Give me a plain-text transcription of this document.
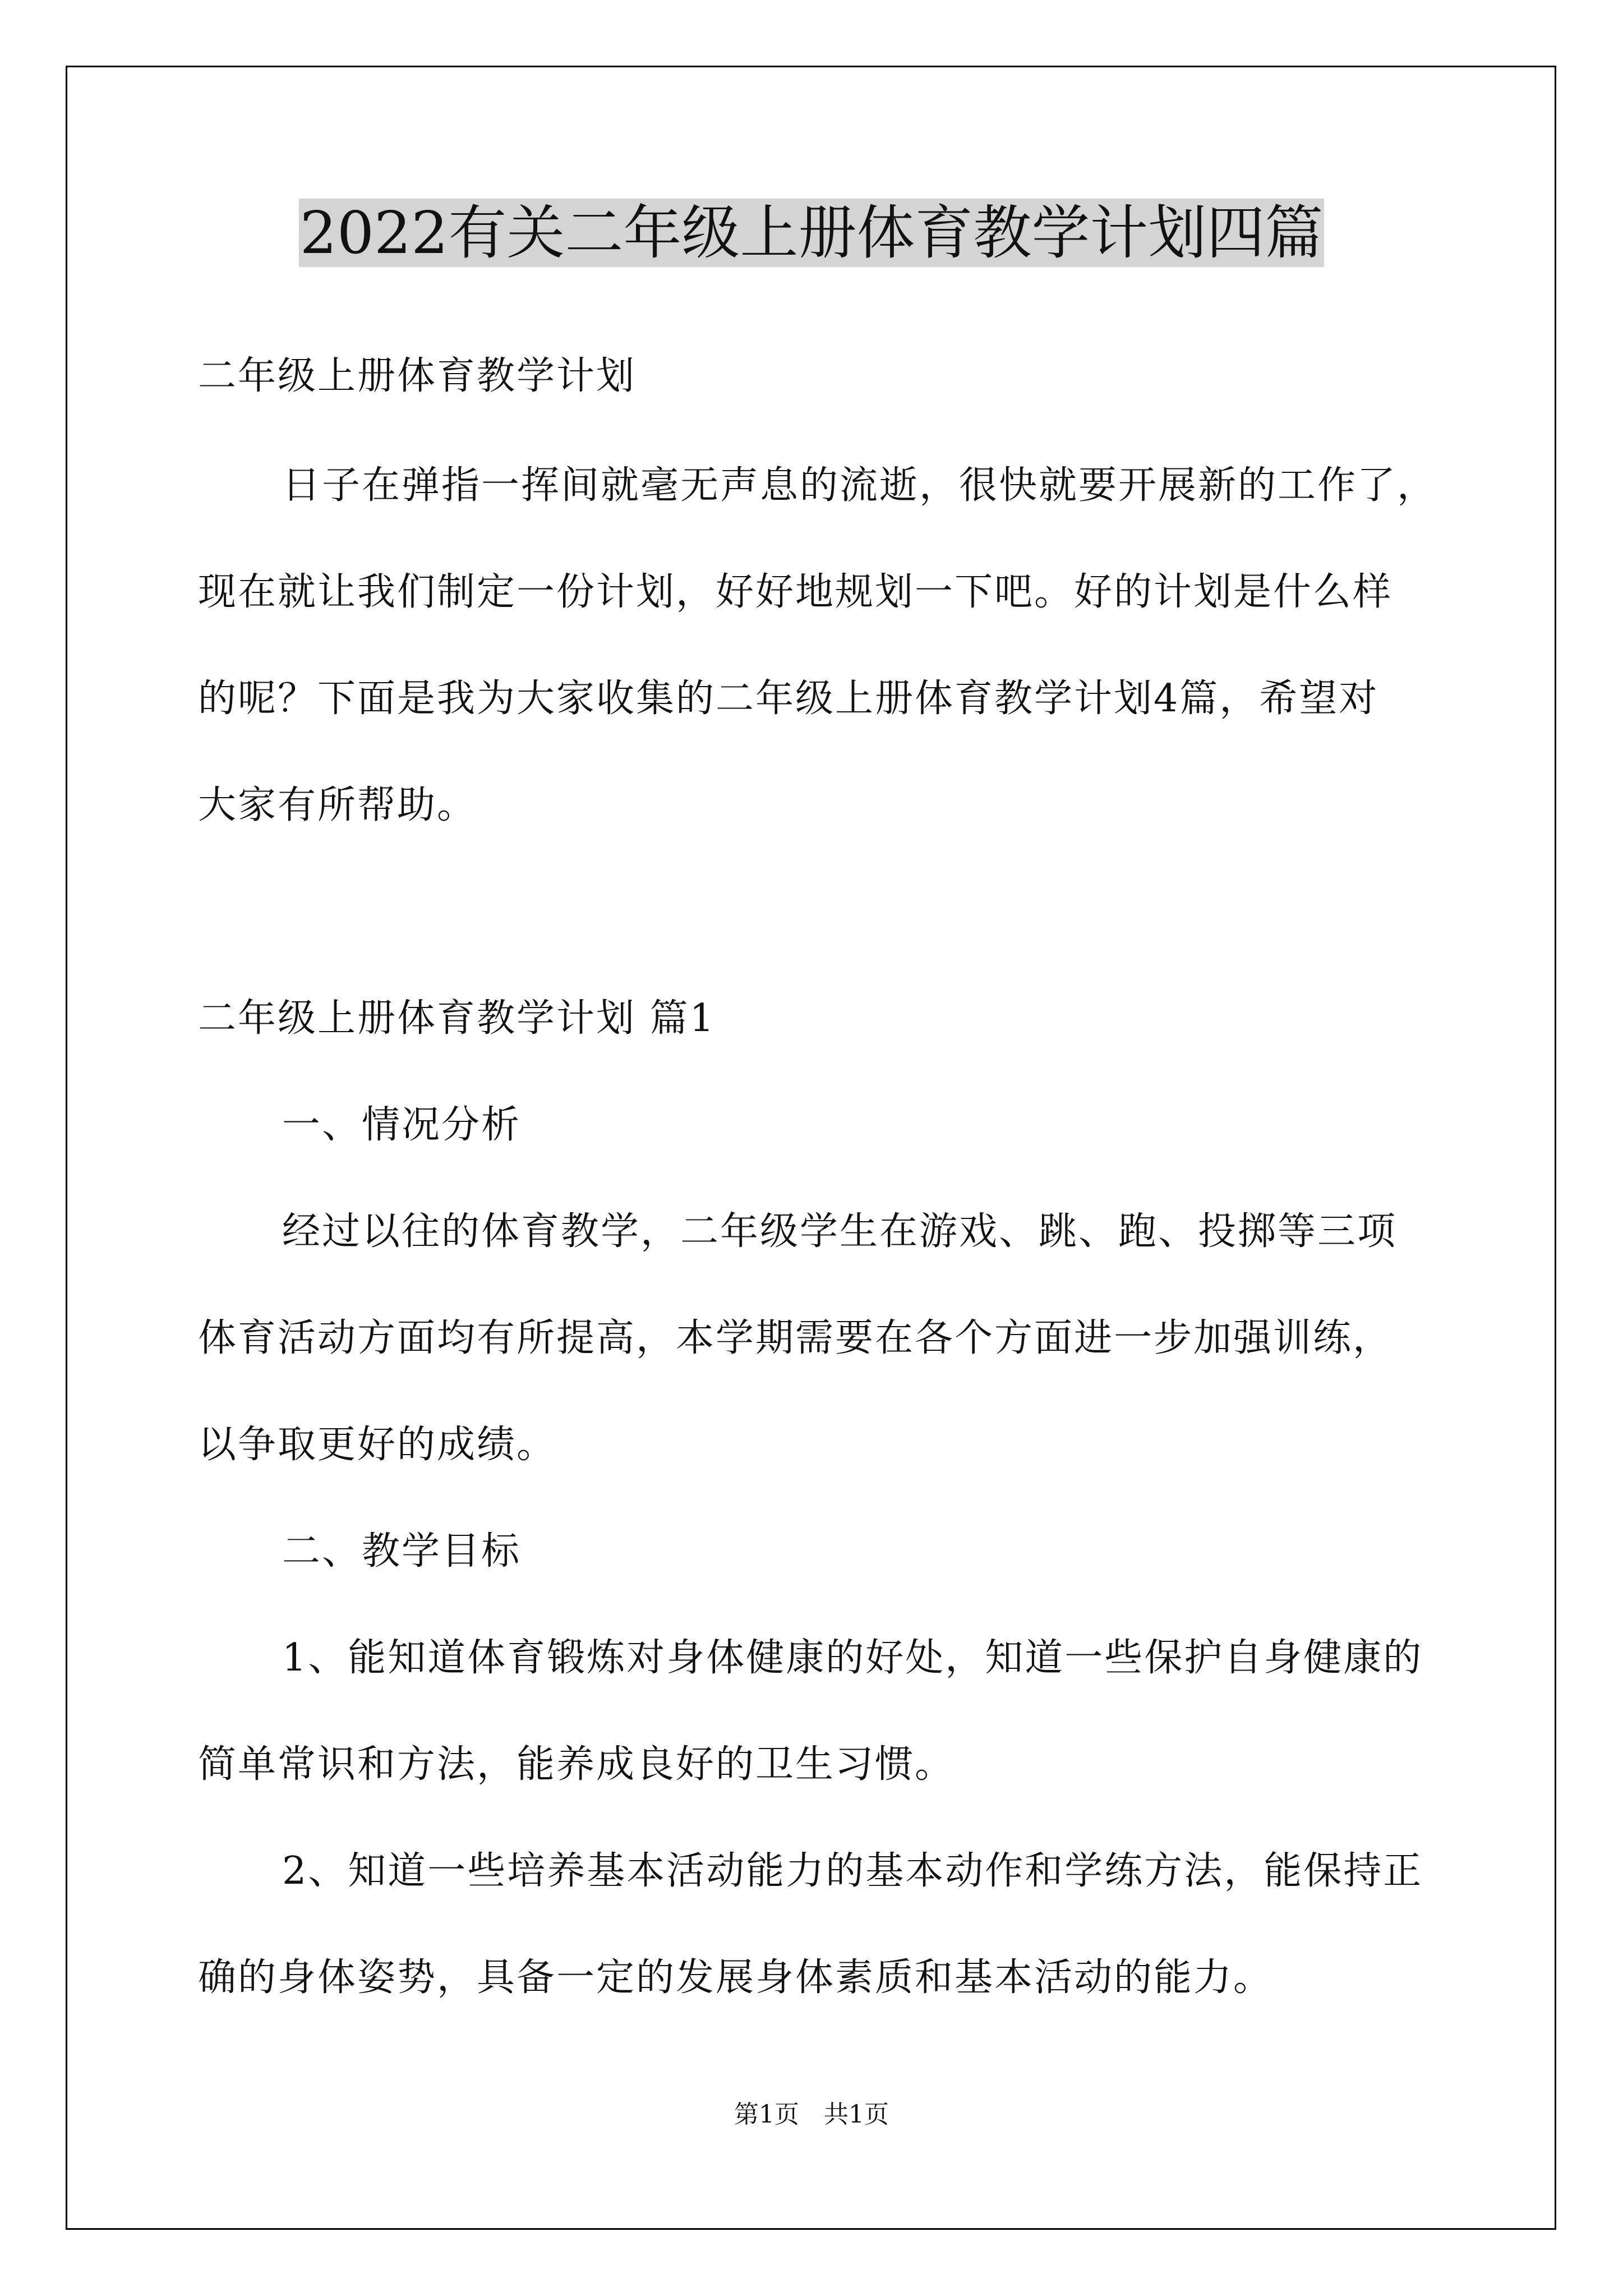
2022有关二年级上册体育教学计划四篇
二年级上册体育教学计划
日子在弹指一挥间就毫无声息的流逝，很快就要开展新的工作了，
现在就让我们制定一份计划，好好地规划一下吧。好的计划是什么样
的呢？下面是我为大家收集的二年级上册体育教学计划4篇，希望对
大家有所帮助。
二年级上册体育教学计划 篇1
一、情况分析
经过以往的体育教学，二年级学生在游戏、跳、跑、投掷等三项
体育活动方面均有所提高，本学期需要在各个方面进一步加强训练，
以争取更好的成绩。
二、教学目标
1、能知道体育锻炼对身体健康的好处，知道一些保护自身健康的
简单常识和方法，能养成良好的卫生习惯。
2、知道一些培养基本活动能力的基本动作和学练方法，能保持正
确的身体姿势，具备一定的发展身体素质和基本活动的能力。
第1页　共1页
